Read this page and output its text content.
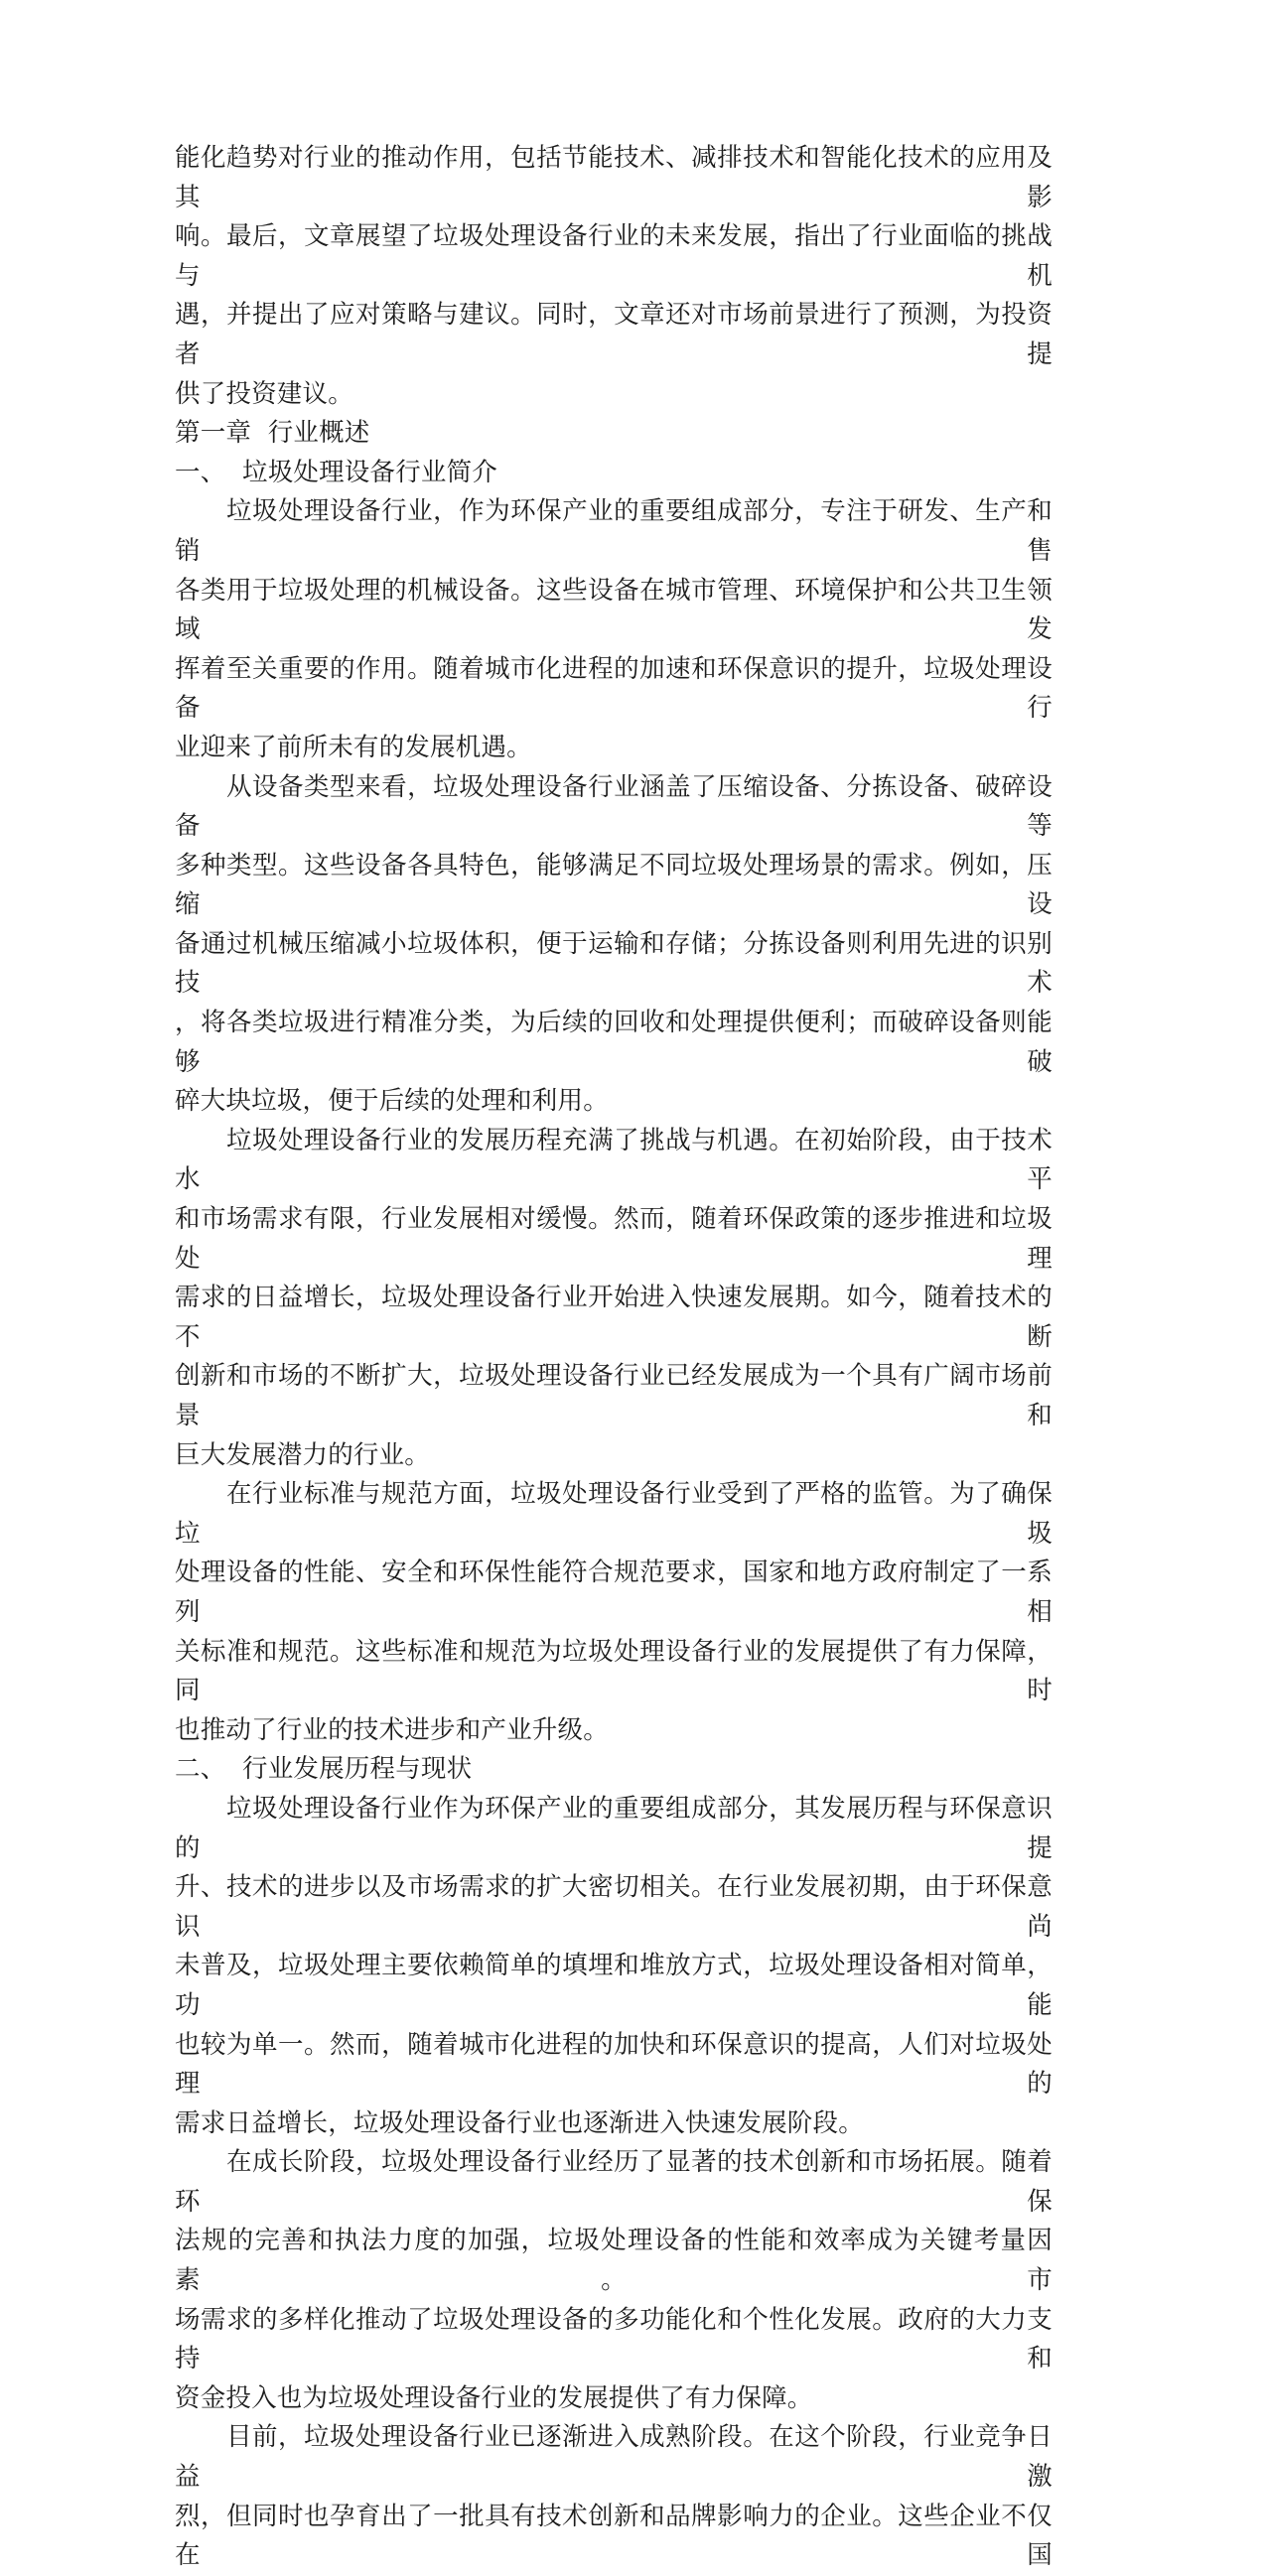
能化趋势对行业的推动作用，包括节能技术、减排技术和智能化技术的应用及其影
响。最后，文章展望了垃圾处理设备行业的未来发展，指出了行业面临的挑战与机
遇，并提出了应对策略与建议。同时，文章还对市场前景进行了预测，为投资者提
供了投资建议。
第一章  行业概述
一、  垃圾处理设备行业简介
　　垃圾处理设备行业，作为环保产业的重要组成部分，专注于研发、生产和销售
各类用于垃圾处理的机械设备。这些设备在城市管理、环境保护和公共卫生领域发
挥着至关重要的作用。随着城市化进程的加速和环保意识的提升，垃圾处理设备行
业迎来了前所未有的发展机遇。
　　从设备类型来看，垃圾处理设备行业涵盖了压缩设备、分拣设备、破碎设备等
多种类型。这些设备各具特色，能够满足不同垃圾处理场景的需求。例如，压缩设
备通过机械压缩减小垃圾体积，便于运输和存储；分拣设备则利用先进的识别技术
，将各类垃圾进行精准分类，为后续的回收和处理提供便利；而破碎设备则能够破
碎大块垃圾，便于后续的处理和利用。
　　垃圾处理设备行业的发展历程充满了挑战与机遇。在初始阶段，由于技术水平
和市场需求有限，行业发展相对缓慢。然而，随着环保政策的逐步推进和垃圾处理
需求的日益增长，垃圾处理设备行业开始进入快速发展期。如今，随着技术的不断
创新和市场的不断扩大，垃圾处理设备行业已经发展成为一个具有广阔市场前景和
巨大发展潜力的行业。
　　在行业标准与规范方面，垃圾处理设备行业受到了严格的监管。为了确保垃圾
处理设备的性能、安全和环保性能符合规范要求，国家和地方政府制定了一系列相
关标准和规范。这些标准和规范为垃圾处理设备行业的发展提供了有力保障，同时
也推动了行业的技术进步和产业升级。
二、  行业发展历程与现状
　　垃圾处理设备行业作为环保产业的重要组成部分，其发展历程与环保意识的提
升、技术的进步以及市场需求的扩大密切相关。在行业发展初期，由于环保意识尚
未普及，垃圾处理主要依赖简单的填埋和堆放方式，垃圾处理设备相对简单，功能
也较为单一。然而，随着城市化进程的加快和环保意识的提高，人们对垃圾处理的
需求日益增长，垃圾处理设备行业也逐渐进入快速发展阶段。
　　在成长阶段，垃圾处理设备行业经历了显著的技术创新和市场拓展。随着环保
法规的完善和执法力度的加强，垃圾处理设备的性能和效率成为关键考量因素。市
场需求的多样化推动了垃圾处理设备的多功能化和个性化发展。政府的大力支持和
资金投入也为垃圾处理设备行业的发展提供了有力保障。
　　目前，垃圾处理设备行业已逐渐进入成熟阶段。在这个阶段，行业竞争日益激
烈，但同时也孕育出了一批具有技术创新和品牌影响力的企业。这些企业不仅在国
